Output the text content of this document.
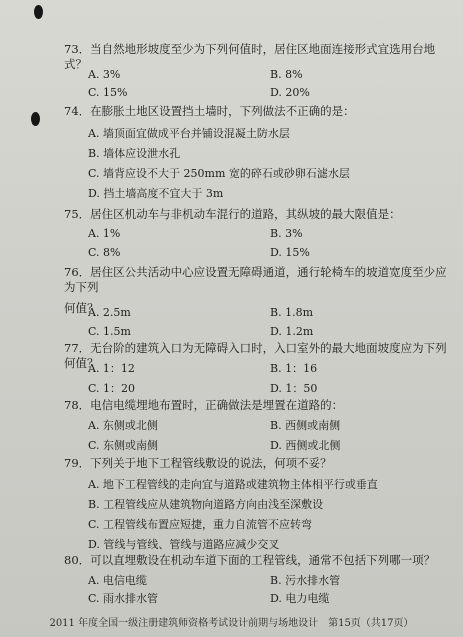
73．当自然地形坡度至少为下列何值时，居住区地面连接形式宜选用台地式？
A. 3%	B. 8%
C. 15%	D. 20%
74．在膨胀土地区设置挡土墙时，下列做法不正确的是：
A. 墙顶面宜做成平台并铺设混凝土防水层
B. 墙体应设泄水孔
C. 墙背应设不大于 250mm 宽的碎石或砂卵石滤水层
D. 挡土墙高度不宜大于 3m
75．居住区机动车与非机动车混行的道路，其纵坡的最大限值是：
A. 1%	B. 3%
C. 8%	D. 15%
76．居住区公共活动中心应设置无障碍通道，通行轮椅车的坡道宽度至少应为下列
何值？
A. 2.5m	B. 1.8m
C. 1.5m	D. 1.2m
77．无台阶的建筑入口为无障碍入口时，入口室外的最大地面坡度应为下列何值？
A. 1：12	B. 1：16
C. 1：20	D. 1：50
78．电信电缆埋地布置时，正确做法是埋置在道路的：
A. 东侧或北侧	B. 西侧或南侧
C. 东侧或南侧	D. 西侧或北侧
79．下列关于地下工程管线敷设的说法，何项不妥？
A. 地下工程管线的走向宜与道路或建筑物主体相平行或垂直
B. 工程管线应从建筑物向道路方向由浅至深敷设
C. 工程管线布置应短捷，重力自流管不应转弯
D. 管线与管线、管线与道路应减少交叉
80．可以直埋敷设在机动车道下面的工程管线，通常不包括下列哪一项？
A. 电信电缆	B. 污水排水管
C. 雨水排水管	D. 电力电缆
2011 年度全国一级注册建筑师资格考试设计前期与场地设计　第15页（共17页）
